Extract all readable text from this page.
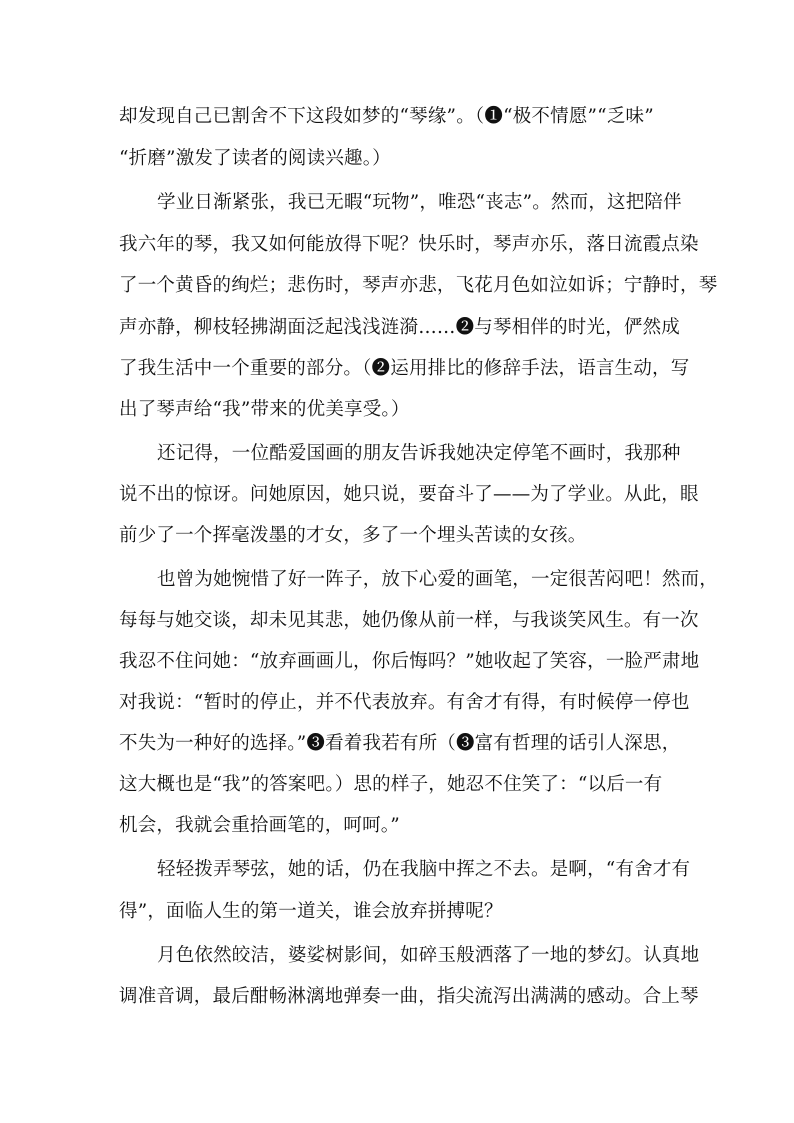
却发现自己已割舍不下这段如梦的“琴缘”。（❶“极不情愿”“乏味”
“折磨”激发了读者的阅读兴趣。）
学业日渐紧张，我已无暇“玩物”，唯恐“丧志”。然而，这把陪伴
我六年的琴，我又如何能放得下呢？快乐时，琴声亦乐，落日流霞点染
了一个黄昏的绚烂；悲伤时，琴声亦悲，飞花月色如泣如诉；宁静时，琴
声亦静，柳枝轻拂湖面泛起浅浅涟漪……❷与琴相伴的时光，俨然成
了我生活中一个重要的部分。（❷运用排比的修辞手法，语言生动，写
出了琴声给“我”带来的优美享受。）
还记得，一位酷爱国画的朋友告诉我她决定停笔不画时，我那种
说不出的惊讶。问她原因，她只说，要奋斗了——为了学业。从此，眼
前少了一个挥毫泼墨的才女，多了一个埋头苦读的女孩。
也曾为她惋惜了好一阵子，放下心爱的画笔，一定很苦闷吧！然而，
每每与她交谈，却未见其悲，她仍像从前一样，与我谈笑风生。有一次
我忍不住问她：“放弃画画儿，你后悔吗？”她收起了笑容，一脸严肃地
对我说：“暂时的停止，并不代表放弃。有舍才有得，有时候停一停也
不失为一种好的选择。”❸看着我若有所（❸富有哲理的话引人深思，
这大概也是“我”的答案吧。）思的样子，她忍不住笑了：“以后一有
机会，我就会重拾画笔的，呵呵。”
轻轻拨弄琴弦，她的话，仍在我脑中挥之不去。是啊，“有舍才有
得”，面临人生的第一道关，谁会放弃拼搏呢？
月色依然皎洁，婆娑树影间，如碎玉般洒落了一地的梦幻。认真地
调准音调，最后酣畅淋漓地弹奏一曲，指尖流泻出满满的感动。合上琴
